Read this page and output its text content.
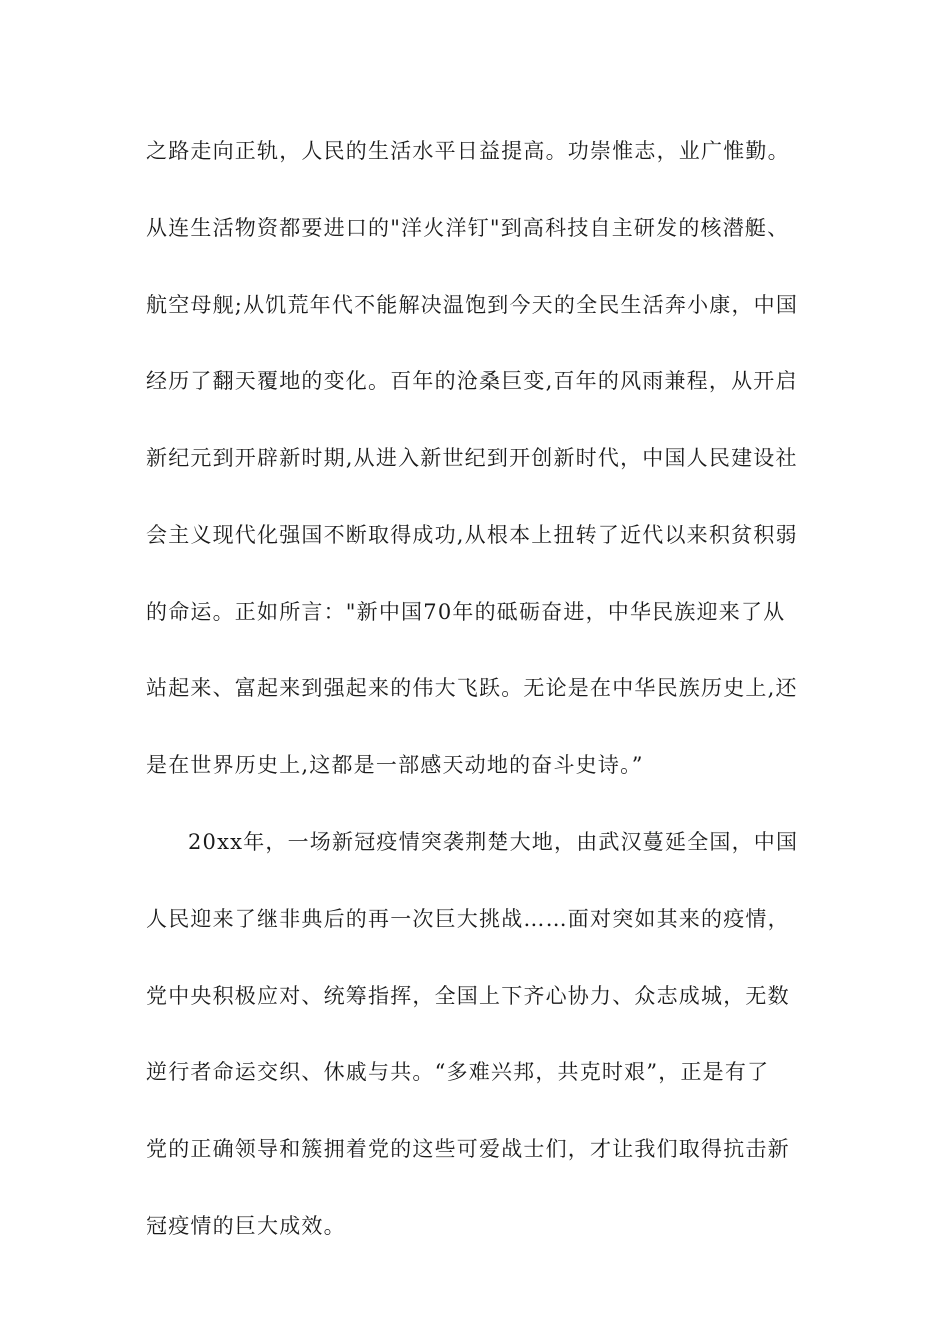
之路走向正轨，人民的生活水平日益提高。功崇惟志，业广惟勤。
从连生活物资都要进口的"洋火洋钉"到高科技自主研发的核潜艇、
航空母舰;从饥荒年代不能解决温饱到今天的全民生活奔小康，中国
经历了翻天覆地的变化。百年的沧桑巨变,百年的风雨兼程，从开启
新纪元到开辟新时期,从进入新世纪到开创新时代，中国人民建设社
会主义现代化强国不断取得成功,从根本上扭转了近代以来积贫积弱
的命运。正如所言："新中国70年的砥砺奋进，中华民族迎来了从
站起来、富起来到强起来的伟大飞跃。无论是在中华民族历史上,还
是在世界历史上,这都是一部感天动地的奋斗史诗。”
20xx年，一场新冠疫情突袭荆楚大地，由武汉蔓延全国，中国
人民迎来了继非典后的再一次巨大挑战……面对突如其来的疫情，
党中央积极应对、统筹指挥，全国上下齐心协力、众志成城，无数
逆行者命运交织、休戚与共。“多难兴邦，共克时艰”，正是有了
党的正确领导和簇拥着党的这些可爱战士们，才让我们取得抗击新
冠疫情的巨大成效。
